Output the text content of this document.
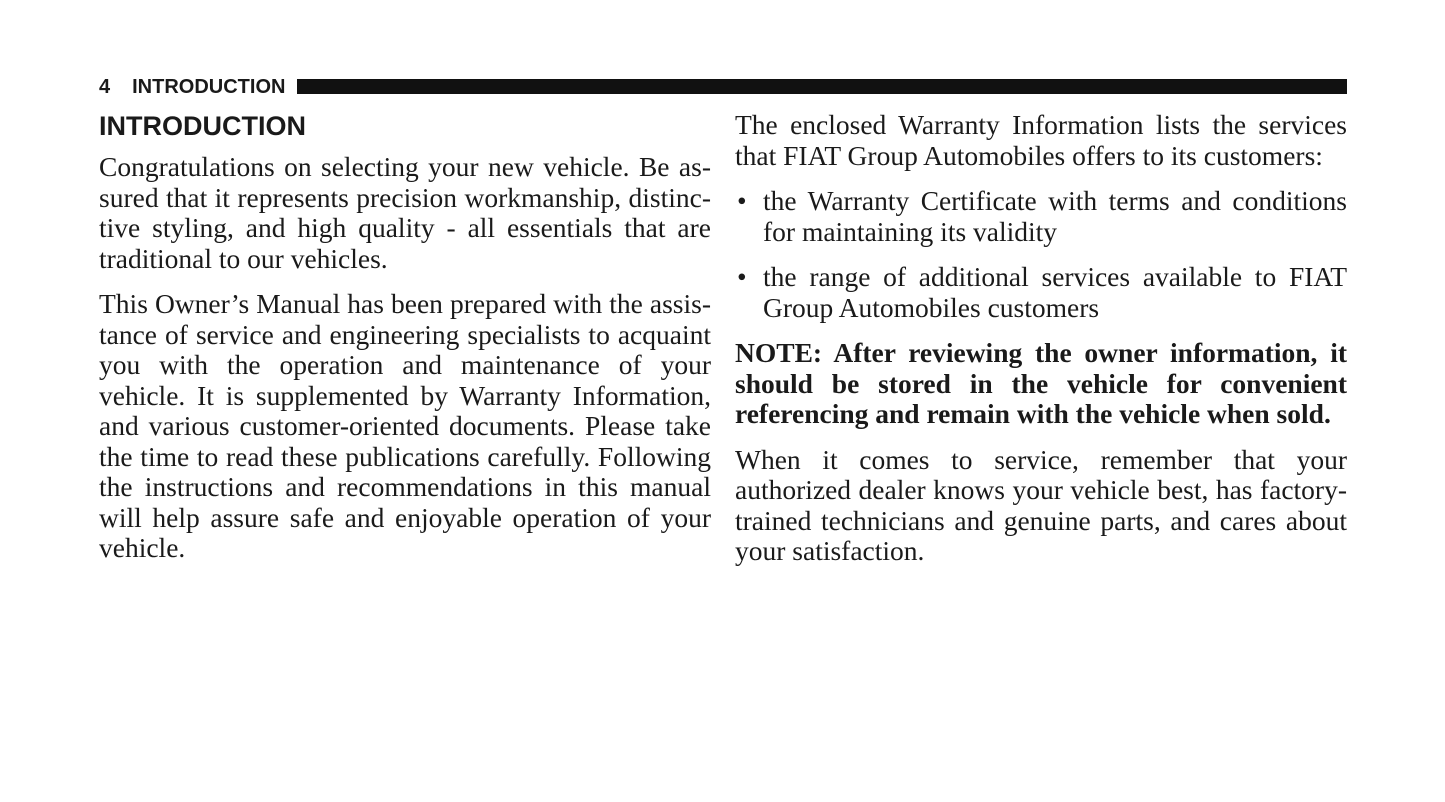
4 INTRODUCTION
INTRODUCTION

Congratulations on selecting your new vehicle. Be assured that it represents precision workmanship, distinctive styling, and high quality - all essentials that are traditional to our vehicles.

This Owner’s Manual has been prepared with the assistance of service and engineering specialists to acquaint you with the operation and maintenance of your vehicle. It is supplemented by Warranty Information, and various customer-oriented documents. Please take the time to read these publications carefully. Following the instructions and recommendations in this manual will help assure safe and enjoyable operation of your vehicle.

The enclosed Warranty Information lists the services that FIAT Group Automobiles offers to its customers:

• the Warranty Certificate with terms and conditions for maintaining its validity
• the range of additional services available to FIAT Group Automobiles customers

NOTE: After reviewing the owner information, it should be stored in the vehicle for convenient referencing and remain with the vehicle when sold.

When it comes to service, remember that your authorized dealer knows your vehicle best, has factory-trained technicians and genuine parts, and cares about your satisfaction.
